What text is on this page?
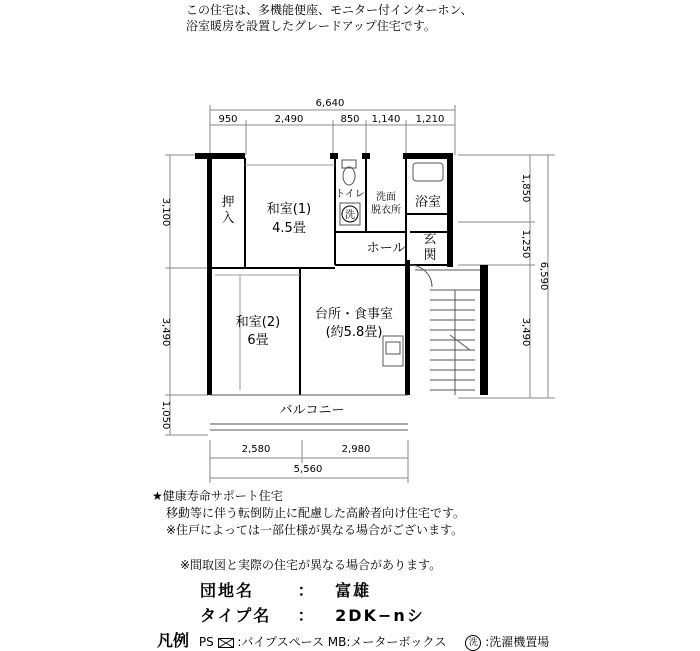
この住宅は、多機能便座、モニター付インターホン、
浴室暖房を設置したグレードアップ住宅です。
6,640
950	2,490	850 1,140 1,210
3,100
3,490
1,050
1,850
1,250
3,490
6,590
2,580	2,980
5,560
洗
押
入
和室(1)
4.5畳
和室(2)
6畳
トイレ 洗面
脱衣所
浴室
ホール
玄
関
台所・食事室
(約5.8畳)
バルコニー
★健康寿命サポート住宅
移動等に伴う転倒防止に配慮した高齢者向け住宅です。
※住戸によっては一部仕様が異なる場合がございます。
※間取図と実際の住宅が異なる場合があります。
団地名	： 富雄
タイプ名 ： 2DK−nシ
凡例 PS :パイプスペース MB:メーターボックス	洗 :洗濯機置場
